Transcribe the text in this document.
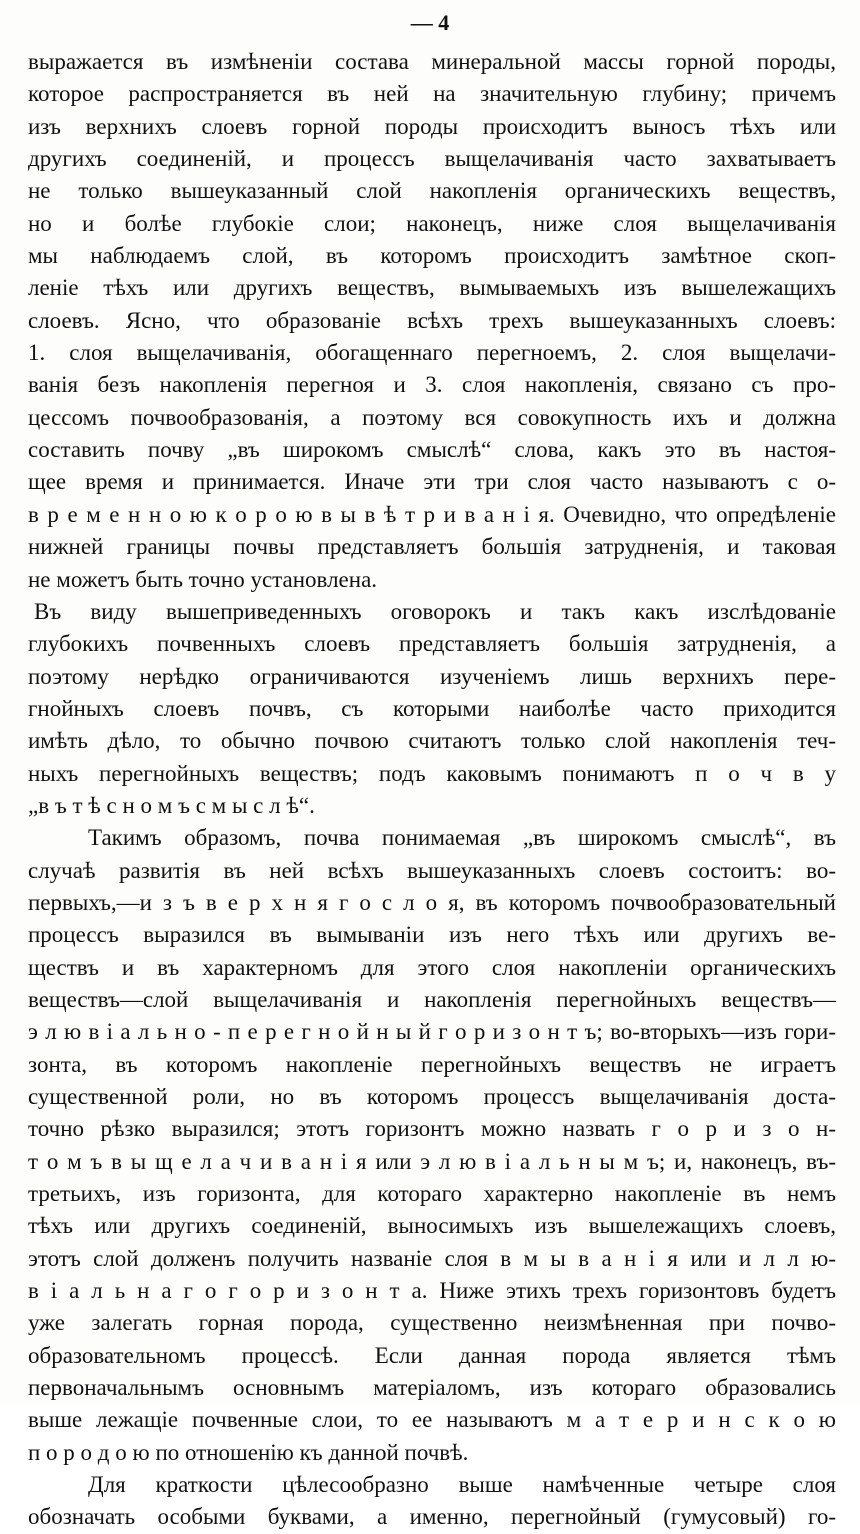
— 4
выражается въ измѣненіи состава минеральной массы горной породы,
которое распространяется въ ней на значительную глубину; причемъ
изъ верхнихъ слоевъ горной породы происходитъ выносъ тѣхъ или
другихъ соединеній, и процессъ выщелачиванія часто захватываетъ
не только вышеуказанный слой накопленія органическихъ веществъ,
но и болѣе глубокіе слои; наконецъ, ниже слоя выщелачиванія
мы наблюдаемъ слой, въ которомъ происходитъ замѣтное скоп-
леніе тѣхъ или другихъ веществъ, вымываемыхъ изъ вышележащихъ
слоевъ. Ясно, что образованіе всѣхъ трехъ вышеуказанныхъ слоевъ:
1. слоя выщелачиванія, обогащеннаго перегноемъ, 2. слоя выщелачи-
ванія безъ накопленія перегноя и 3. слоя накопленія, связано съ про-
цессомъ почвообразованія, а поэтому вся совокупность ихъ и должна
составить почву „въ широкомъ смыслѣ“ слова, какъ это въ настоя-
щее время и принимается. Иначе эти три слоя часто называютъ с о-
в р е м е н н о ю к о р о ю в ы в ѣ т р и в а н і я. Очевидно, что опредѣленіе
нижней границы почвы представляетъ большія затрудненія, и таковая
не можетъ быть точно установлена.
Въ виду вышеприведенныхъ оговорокъ и такъ какъ изслѣдованіе
глубокихъ почвенныхъ слоевъ представляетъ большія затрудненія, а
поэтому нерѣдко ограничиваются изученіемъ лишь верхнихъ пере-
гнойныхъ слоевъ почвъ, съ которыми наиболѣе часто приходится
имѣть дѣло, то обычно почвою считаютъ только слой накопленія теч-
ныхъ перегнойныхъ веществъ; подъ каковымъ понимаютъ п о ч в у
„в ъ т ѣ с н о м ъ с м ы с л ѣ“.
Такимъ образомъ, почва понимаемая „въ широкомъ смыслѣ“, въ
случаѣ развитія въ ней всѣхъ вышеуказанныхъ слоевъ состоитъ: во-
первыхъ,—и з ъ в е р х н я г о с л о я, въ которомъ почвообразовательный
процессъ выразился въ вымываніи изъ него тѣхъ или другихъ ве-
ществъ и въ характерномъ для этого слоя накопленіи органическихъ
веществъ—слой выщелачиванія и накопленія перегнойныхъ веществъ—
э л ю в і а л ь н о - п е р е г н о й н ы й г о р и з о н т ъ; во-вторыхъ—изъ гори-
зонта, въ которомъ накопленіе перегнойныхъ веществъ не играетъ
существенной роли, но въ которомъ процессъ выщелачиванія доста-
точно рѣзко выразился; этотъ горизонтъ можно назвать г о р и з о н-
т о м ъ в ы щ е л а ч и в а н і я или э л ю в і а л ь н ы м ъ; и, наконецъ, въ-
третьихъ, изъ горизонта, для котораго характерно накопленіе въ немъ
тѣхъ или другихъ соединеній, выносимыхъ изъ вышележащихъ слоевъ,
этотъ слой долженъ получить названіе слоя в м ы в а н і я или и л л ю-
в і а л ь н а г о г о р и з о н т а. Ниже этихъ трехъ горизонтовъ будетъ
уже залегать горная порода, существенно неизмѣненная при почво-
образовательномъ процессѣ. Если данная порода является тѣмъ
первоначальнымъ основнымъ матеріаломъ, изъ котораго образовались
выше лежащіе почвенные слои, то ее называютъ м а т е р и н с к о ю
п о р о д о ю по отношенію къ данной почвѣ.
Для краткости цѣлесообразно выше намѣченные четыре слоя
обозначать особыми буквами, а именно, перегнойный (гумусовый) го-
